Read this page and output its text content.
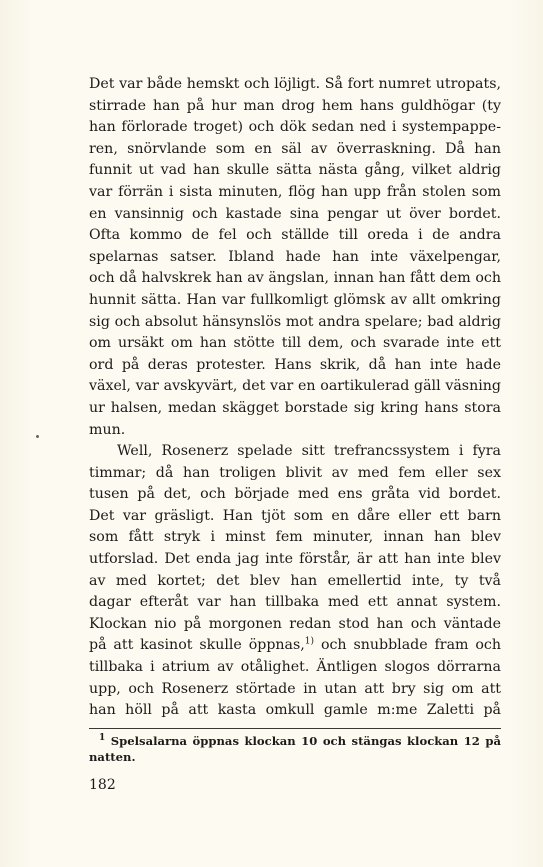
Det var både hemskt och löjligt. Så fort numret utropats,
stirrade han på hur man drog hem hans guldhögar (ty
han förlorade troget) och dök sedan ned i systempappe-
ren, snörvlande som en säl av överraskning. Då han
funnit ut vad han skulle sätta nästa gång, vilket aldrig
var förrän i sista minuten, flög han upp från stolen som
en vansinnig och kastade sina pengar ut över bordet.
Ofta kommo de fel och ställde till oreda i de andra
spelarnas satser. Ibland hade han inte växelpengar,
och då halvskrek han av ängslan, innan han fått dem och
hunnit sätta. Han var fullkomligt glömsk av allt omkring
sig och absolut hänsynslös mot andra spelare; bad aldrig
om ursäkt om han stötte till dem, och svarade inte ett
ord på deras protester. Hans skrik, då han inte hade
växel, var avskyvärt, det var en oartikulerad gäll väsning
ur halsen, medan skägget borstade sig kring hans stora
mun.
Well, Rosenerz spelade sitt trefrancssystem i fyra
timmar; då han troligen blivit av med fem eller sex
tusen på det, och började med ens gråta vid bordet.
Det var gräsligt. Han tjöt som en dåre eller ett barn
som fått stryk i minst fem minuter, innan han blev
utforslad. Det enda jag inte förstår, är att han inte blev
av med kortet; det blev han emellertid inte, ty två
dagar efteråt var han tillbaka med ett annat system.
Klockan nio på morgonen redan stod han och väntade
på att kasinot skulle öppnas,$^{1)}$ och snubblade fram och
tillbaka i atrium av otålighet. Äntligen slogos dörrarna
upp, och Rosenerz störtade in utan att bry sig om att
han höll på att kasta omkull gamle m:me Zaletti på
$^1$ Spelsalarna öppnas klockan 10 och stängas klockan 12 på
natten.
182
